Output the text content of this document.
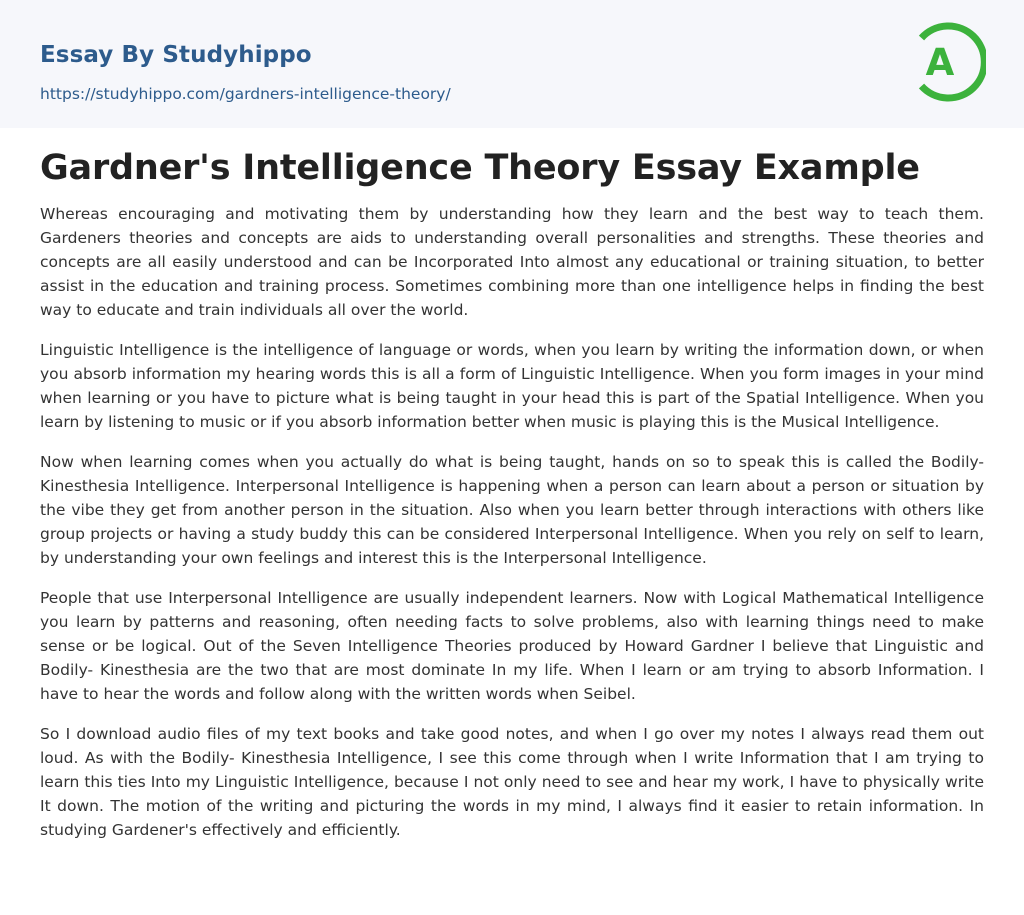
Essay By Studyhippo
https://studyhippo.com/gardners-intelligence-theory/
A
Gardner's Intelligence Theory Essay Example

Whereas encouraging and motivating them by understanding how they learn and the best way to teach them. Gardeners theories and concepts are aids to understanding overall personalities and strengths. These theories and concepts are all easily understood and can be Incorporated Into almost any educational or training situation, to better assist in the education and training process. Sometimes combining more than one intelligence helps in finding the best way to educate and train individuals all over the world.

Linguistic Intelligence is the intelligence of language or words, when you learn by writing the information down, or when you absorb information my hearing words this is all a form of Linguistic Intelligence. When you form images in your mind when learning or you have to picture what is being taught in your head this is part of the Spatial Intelligence. When you learn by listening to music or if you absorb information better when music is playing this is the Musical Intelligence.

Now when learning comes when you actually do what is being taught, hands on so to speak this is called the Bodily-Kinesthesia Intelligence. Interpersonal Intelligence is happening when a person can learn about a person or situation by the vibe they get from another person in the situation. Also when you learn better through interactions with others like group projects or having a study buddy this can be considered Interpersonal Intelligence. When you rely on self to learn, by understanding your own feelings and interest this is the Interpersonal Intelligence.

People that use Interpersonal Intelligence are usually independent learners. Now with Logical Mathematical Intelligence you learn by patterns and reasoning, often needing facts to solve problems, also with learning things need to make sense or be logical. Out of the Seven Intelligence Theories produced by Howard Gardner I believe that Linguistic and Bodily- Kinesthesia are the two that are most dominate In my life. When I learn or am trying to absorb Information. I have to hear the words and follow along with the written words when Seibel.

So I download audio files of my text books and take good notes, and when I go over my notes I always read them out loud. As with the Bodily- Kinesthesia Intelligence, I see this come through when I write Information that I am trying to learn this ties Into my Linguistic Intelligence, because I not only need to see and hear my work, I have to physically write It down. The motion of the writing and picturing the words in my mind, I always find it easier to retain information. In studying Gardener's effectively and efficiently.
